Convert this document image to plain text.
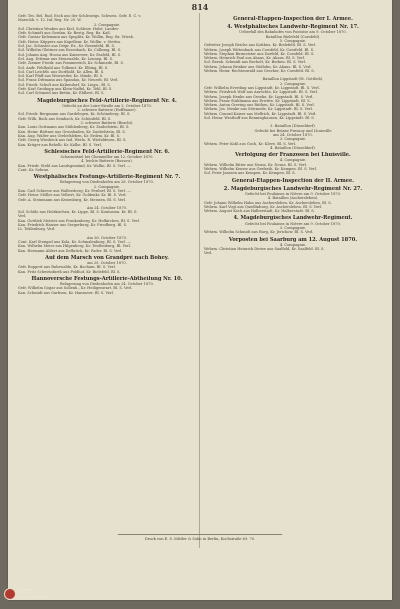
814
Gefr. Tes. Bel. Rud. Esch aus der Schleswigs. Schweiz. Gefr. E. C. v.
Marschh. v. 12. Inf. Reg. Nr. 20. W.
2. Compagnie.
Sol. Christian Wenkes aus Kiel, Schlesw. Holst. Landes-
Gefr. Schmidt aus Gerdan, Kr. Bestg. Reg. Bz. Kaß.
Gefr. Gustav Kelemann aus Spoplitz, Kr. Wollin, Reg. Bz. Wiesb.
Gefr. Heinr. Küppers aus Kapellenr. Kr. Wollin. v. Stettin.
Sol. Jac. Schuster aus Ostpr. Ez., Kr. Rosenfeld, Bl. S.
Sol. Wilhelm Glettner aus Essenbach, Kr. Cöllnmg, Bl. S.
Sol. Johann Aug. Hoosa aus Kaiserwer, Kr. Essfeld, Bl. S.
Sol. Aug. Dittmar aus Meuswalde, Kr. Lennep, Bl. S.
Gefr. Ziemer Friedr. aus Pommereich, Kr. Schmiede, Bl. S.
Sol. Andr. Fehlhuhl aus Tolkemt. Kr. Elbing, Bl. S.
Sol. Carl Leichtb. aus Dorfbold, Kr. Allen, Bl. S.
Sol. Karl Pfaff aus Weisweiler, Kr. Minde, Bl. S.
Sol. Franz Dittmann aus Spandau, Kr. Neuerb, Bl. Verl.
Sol. Friedr. Schult aus Kaltendorf, Kr. Liegn., Bl. S.
Gefr. Karl Grotkopp aus Klein-Naffel, Kr. Tehl, Bl. S.
Sol. Carl Schmeid aus Bettin, Kr. Ehlbert, Bl. S.
Magdeburgisches Feld-Artillerie-Regiment Nr. 4.
Gefecht an der Loire-Straße am 3. October 1870.
2. schwere Batterie (Hoffbauer).
Sol. Friedr. Bergmann aus Gardelegen, Kr. Schöneberg. Bl. S.
Gefr. Wilh. Bock aus Sembach, Kr. Schönfeld. Bl. S.
3. schwere Batterie (Bracht).
Kan. Louis Guttmann aus Mühlenberg, Kr. Zaubelstein, Bl. S.
Kan. Heinr. Büttner aus Grossbaden, Kr. Zaubelstein, Bl. S.
Kan. Aug. Walter aus Grebelsleben, Kr. Erdrm. Kr. Bl. S.
Gefr. Georg Wiesbeck aus Ind. Werla, R. Wiefaldesen, Bl. S.
Kan. Krüger aus Behelb. Kr. Kalbe. Bl. S. Verl.
Schlesisches Feld-Artillerie-Regiment Nr. 6.
Scharmützel bei Cheminiller am 12. October 1870.
4. leichte Batterie (Bossow).
Kan. Friedr. Stehl aus Landsgemünd, Kr. Wollin. Bl. S. Verl. —
Cont. Kr. Sohrau.
Westphälisches Festungs-Artillerie-Regiment Nr. 7.
Belagerung von Diedenhofen am 28. October 1870.
2. Compagnie.
Kan. Carl Schierse aus Wallersberg, Kr. Perdorf, Bl. S. Verl. —
Gefr. Heinr. Möller aus Velbert, Kr. Goldenkr. Kr. Bl. S. Verl.
Gefr. A. Steinmann aus Keuenburg, Kr. Meiszen, Bl. S. Verl.
Am 24. October 1870.
Sol. Schüle aus Holzkirchen, Kr. Lippe, Bl. S. Kontusion. Kr. Bl. S.
Verl.
Kan. Gottlieb Meister aus Frankenberg, Kr. Hofkirchen. Bl. S. Verl.
Kan. Friedrich Hauser aus Sergerburg, Kr. Friedberg. Bl. S.
Lt. Teklenburg, Verl.
Am 26. October 1870.
Cont. Karl Stempel aus Kola, Kr. Schmalenburg, Bl. S. Verl. —
Kan. Wilhelm Meier aus Hilgenberg, Kr. Teutlenburg, Bl. Verl.
Kan. Hermann Ahlert aus Delbrück, Kr. Pader. Bl. S. Verl.
Auf dem Marsch von Grandpré nach Bohey.
am 25. October 1870.
Gefr. Boppert aus Ruhrwalde, Kr. Bochum. Bl. S. Verl.
Kan. Fritz Schweinfurth aus Feldhof, Kr. Bielefeld. Bl. S.
Hannoversche Festungs-Artillerie-Abtheilung Nr. 10.
Belagerung von Diedenhofen am 24. October 1870.
Gefr. Wilhelm Gogar aus Sollenh., Kr. Heiligenwart. Bl. S. Verl.
Kan. Schmidt aus Garbsen, Kr. Hannover. Bl. S. Verl.
General-Etappen-Inspection der I. Armee.
4. Westphälisches Landwehr-Regiment Nr. 17.
Ueberfall des Bahnhofes von Pontoise am 9. October 1870.
Bataillon Bielefeld (Coesfeld).
5. Compagnie.
Gefreiter Joseph Reiche aus Kottbus, Kr. Bielefeld. Bl. S. Verl.
Wehrm. Joseph Wittenbach aus Coesfeld, Kr. Coesfeld. Bl. S.
Wehrm. Stephan Burmeister aus Darfeld, Kr. Coesfeld. Bl. S.
Wehrm. Heinrich Paul aus Ahaus, Kr. Ahaus. Bl. S. Verl.
Sol. Bernh. Schmidt aus Bocholt, Kr. Borken. Bl. S. Verl.
Wehrm. Johann Brinker aus Südlohn, Kr. Ahaus. Bl. S. Verl.
Wehrm. Heinr. Rechtenwald aus Gescher, Kr. Coesfeld. Bl. S.
Bataillon Lippstadt (St. Gottlieb).
2. Compagnie.
Gefr. Wilhelm Everding aus Lippstadt, Kr. Lippstadt. Bl. S. Verl.
Wehrm. Friedrich Wolf aus Anröchte, Kr. Lippstadt. Bl. S. Verl.
Wehrm. Joseph Henke aus Geseke, Kr. Lippstadt. Bl. S. Verl.
Wehrm. Franz Stuhlmann aus Erwitte, Kr. Lippstadt. Bl. S.
Wehrm. Anton Greving aus Rüthen, Kr. Lippstadt. Bl. S. Verl.
Wehrm. Jos. Menke aus Störmede, Kr. Lippstadt. Bl. S. Verl.
Wehrm. Conrad Kaiser aus Mellrich, Kr. Lippstadt. Bl. S. Verl.
Sol. Heinr. Westhoff aus Benninghausen, Kr. Lippstadt. Bl. S.
3. Bataillon (Düsseldorf).
Gefecht bei Beinez Fresnoy und Lhuisville
am 24. October 1870.
3. Compagnie.
Wehrm. Peter Kohl aus Goch, Kr. Kleve. Bl. S. Verl.
4. Bataillon (Düsseldorf).
Verfolgung der Franzosen bei Lhuisville.
4. Compagnie.
Wehrm. Wilhelm Ritter aus Neuss, Kr. Neuss. Bl. S. Verl.
Wehrm. Wilhelm Keuser aus Grefrath, Kr. Kempen. Bl. S. Verl.
Sol. Peter Janssen aus Kempen, Kr. Kempen. Bl. S.
General-Etappen-Inspection der II. Armee.
2. Magdeburgisches Landwehr-Regiment Nr. 27.
Gefecht bei Foulaines in Nièvre am 9. October 1870.
4. Bataillon (Aschersleben).
Gefr. Johann Wilhelm Hahn aus Aschersleben, Kr. Aschersleben. Bl. S.
Wehrm. Karl Vogt aus Quedlinburg, Kr. Aschersleben. Bl. S. Verl.
Wehrm. August Koch aus Halberstadt, Kr. Halberstadt. Bl. S.
4. Magdeburgisches Landwehr-Regiment.
Gefecht bei Foulaines in Nièvre am 9. October 1870.
3. Compagnie.
Wehrm. Wilhelm Schmidt aus Burg, Kr. Jerichow. Bl. S. Verl.
Vorposten bei Saarburg am 12. August 1870.
4. Compagnie.
Wehrm. Christian Heinrich Dietze aus Saalfeld, Kr. Saalfeld. Bl. S.
Verl.
Druck von E. S. Mittler & Sohn in Berlin, Kochstraße 69. 70.
digitalisiert
durch die
Universitätsbibliothek
